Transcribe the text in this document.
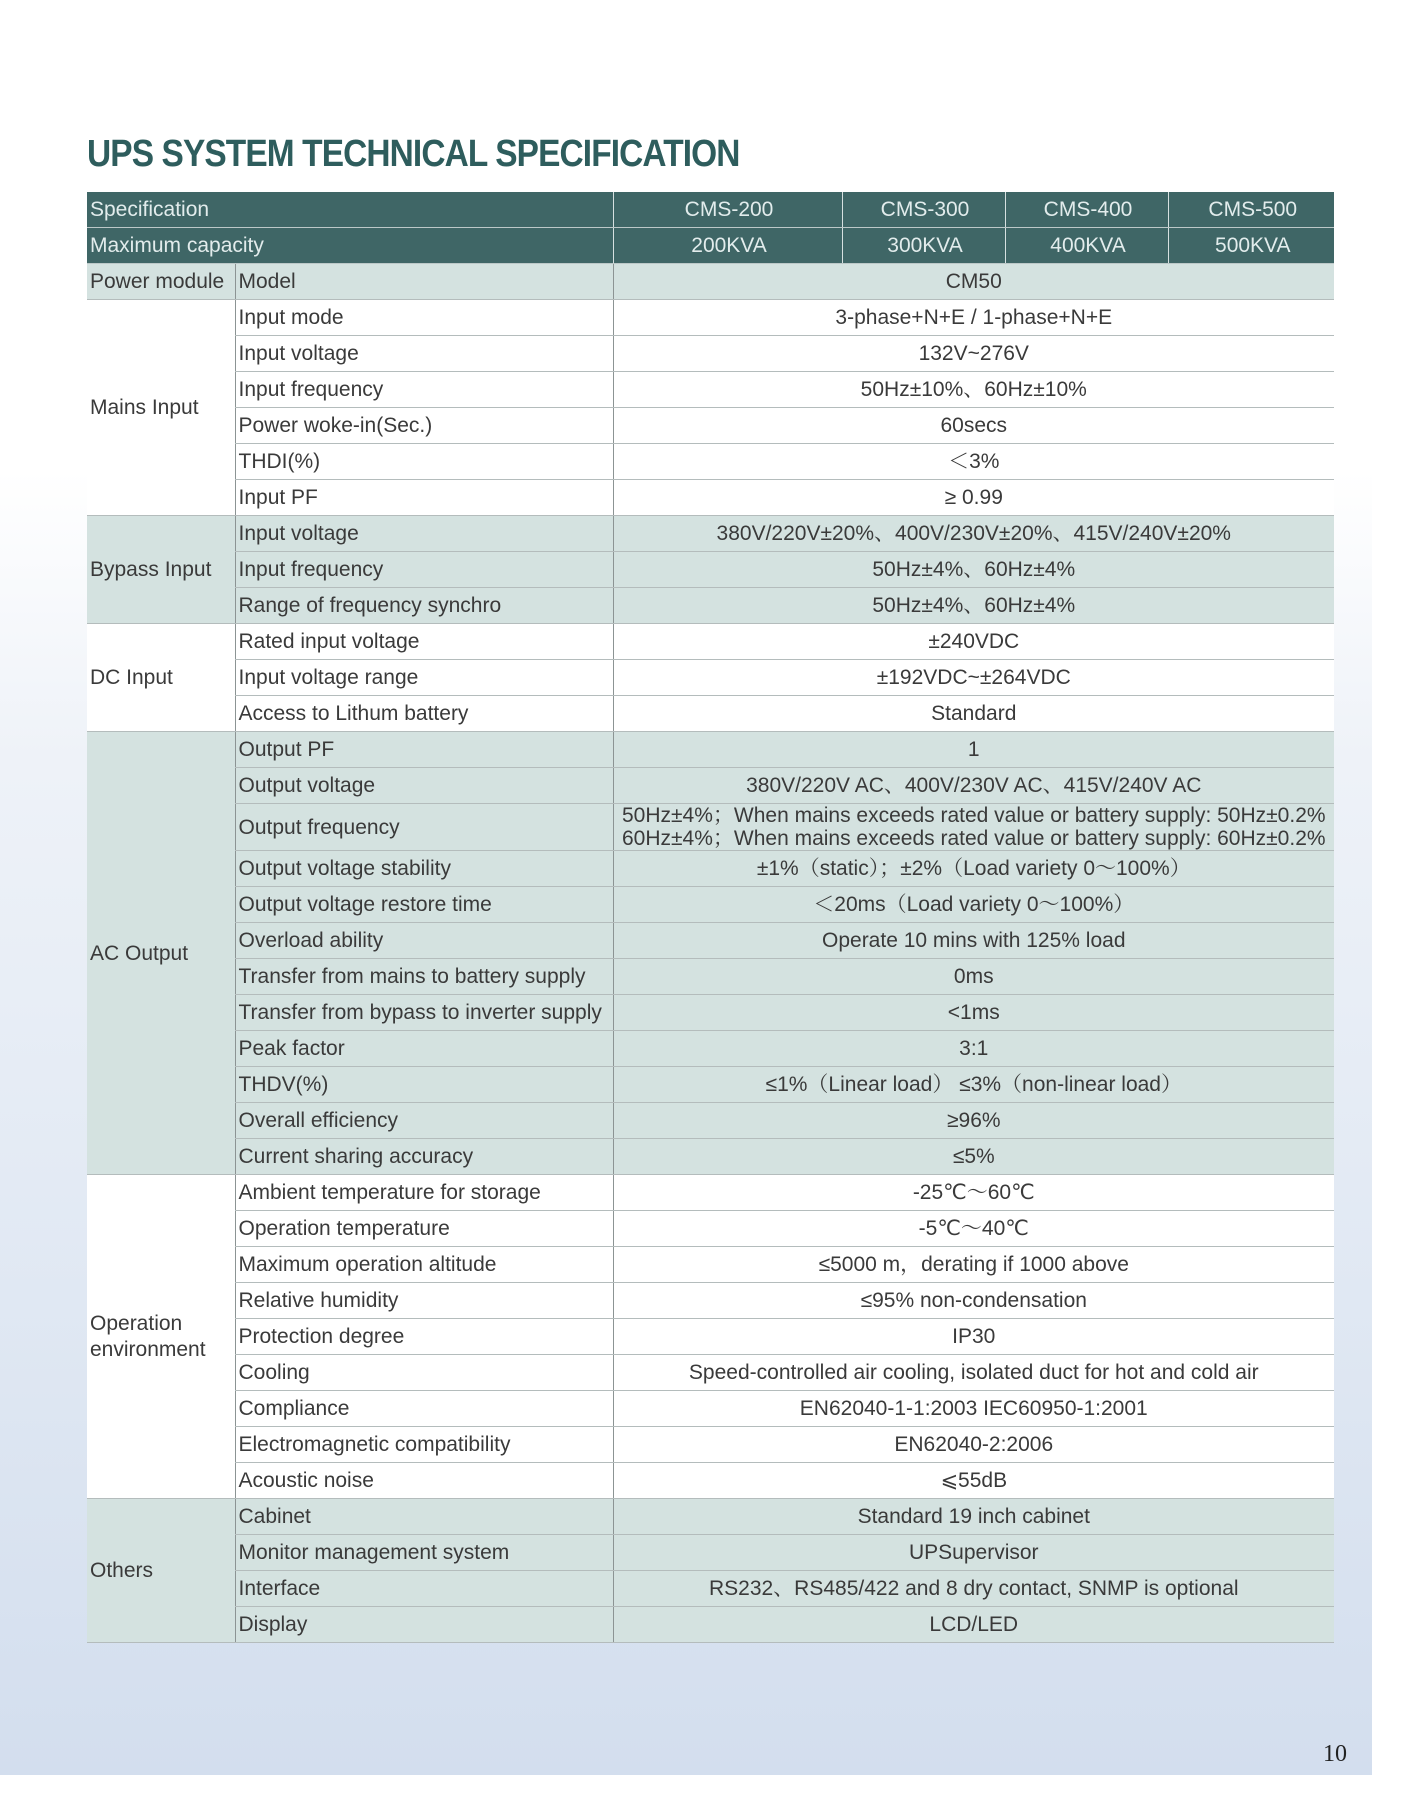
UPS SYSTEM TECHNICAL SPECIFICATION
Specification		CMS-200	CMS-300	CMS-400	CMS-500
Maximum capacity		200KVA	300KVA	400KVA	500KVA
Power module	Model	CM50			
Mains Input	Input mode	3-phase+N+E / 1-phase+N+E			
	Input voltage	132V~276V			
	Input frequency	50Hz±10%、60Hz±10%			
	Power woke-in(Sec.)	60secs			
	THDI(%)	＜3%			
	Input PF	≥ 0.99			
Bypass Input	Input voltage	380V/220V±20%、400V/230V±20%、415V/240V±20%			
	Input frequency	50Hz±4%、60Hz±4%			
	Range of frequency synchro	50Hz±4%、60Hz±4%			
DC Input	Rated input voltage	±240VDC			
	Input voltage range	±192VDC~±264VDC			
	Access to Lithum battery	Standard			
AC Output	Output PF	1			
	Output voltage	380V/220V AC、400V/230V AC、415V/240V AC			
	Output frequency	50Hz±4%；When mains exceeds rated value or battery supply: 50Hz±0.2%
60Hz±4%；When mains exceeds rated value or battery supply: 60Hz±0.2%			

	Output voltage stability	±1%（static）；±2%（Load variety 0～100%）			
	Output voltage restore time	＜20ms（Load variety 0～100%）			
	Overload ability	Operate 10 mins with 125% load			
	Transfer from mains to battery supply	0ms			
	Transfer from bypass to inverter supply	<1ms			
	Peak factor	3:1			
	THDV(%)	≤1%（Linear load） ≤3%（non-linear load）			
	Overall efficiency	≥96%			
	Current sharing accuracy	≤5%			
Operation environment	Ambient temperature for storage	-25℃～60℃			
	Operation temperature	-5℃～40℃			
	Maximum operation altitude	≤5000 m，derating if 1000 above			
	Relative humidity	≤95% non-condensation			
	Protection degree	IP30			
	Cooling	Speed-controlled air cooling, isolated duct for hot and cold air			
	Compliance	EN62040-1-1:2003 IEC60950-1:2001			
	Electromagnetic compatibility	EN62040-2:2006			
	Acoustic noise	⩽55dB			
Others	Cabinet	Standard 19 inch cabinet			
	Monitor management system	UPSupervisor			
	Interface	RS232、RS485/422 and 8 dry contact, SNMP is optional			
	Display	LCD/LED			
10
